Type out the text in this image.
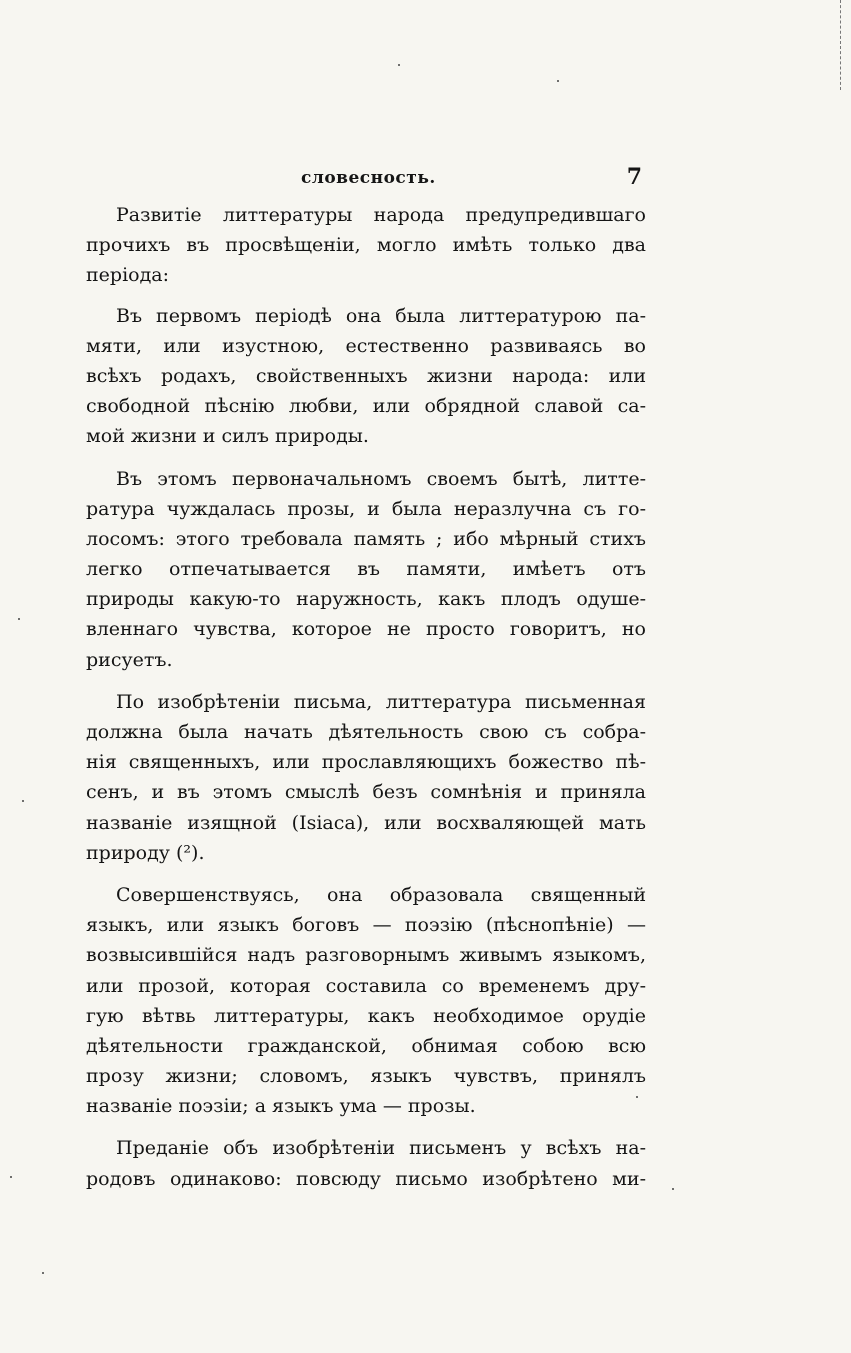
словесность.	7
Развитіе литтературы народа предупредившаго
прочихъ въ просвѣщеніи, могло имѣть только два
періода:
Въ первомъ періодѣ она была литтературою па-
мяти, или изустною, естественно развиваясь во
всѣхъ родахъ, свойственныхъ жизни народа: или
свободной пѣснію любви, или обрядной славой са-
мой жизни и силъ природы.
Въ этомъ первоначальномъ своемъ бытѣ, литте-
ратура чуждалась прозы, и была неразлучна съ го-
лосомъ: этого требовала память ; ибо мѣрный стихъ
легко отпечатывается въ памяти, имѣетъ отъ
природы какую-то наружность, какъ плодъ одуше-
вленнаго чувства, которое не просто говоритъ, но
рисуетъ.
По изобрѣтеніи письма, литтература письменная
должна была начать дѣятельность свою съ собра-
нія священныхъ, или прославляющихъ божество пѣ-
сенъ, и въ этомъ смыслѣ безъ сомнѣнія и приняла
названіе изящной (Isiaca), или восхваляющей мать
природу (²).
Совершенствуясь, она образовала священный
языкъ, или языкъ боговъ — поэзію (пѣснопѣніе) —
возвысившійся надъ разговорнымъ живымъ языкомъ,
или прозой, которая составила со временемъ дру-
гую вѣтвь литтературы, какъ необходимое орудіе
дѣятельности гражданской, обнимая собою всю
прозу жизни; словомъ, языкъ чувствъ, принялъ
названіе поэзіи; а языкъ ума — прозы.
Преданіе объ изобрѣтеніи письменъ у всѣхъ на-
родовъ одинаково: повсюду письмо изобрѣтено ми-
